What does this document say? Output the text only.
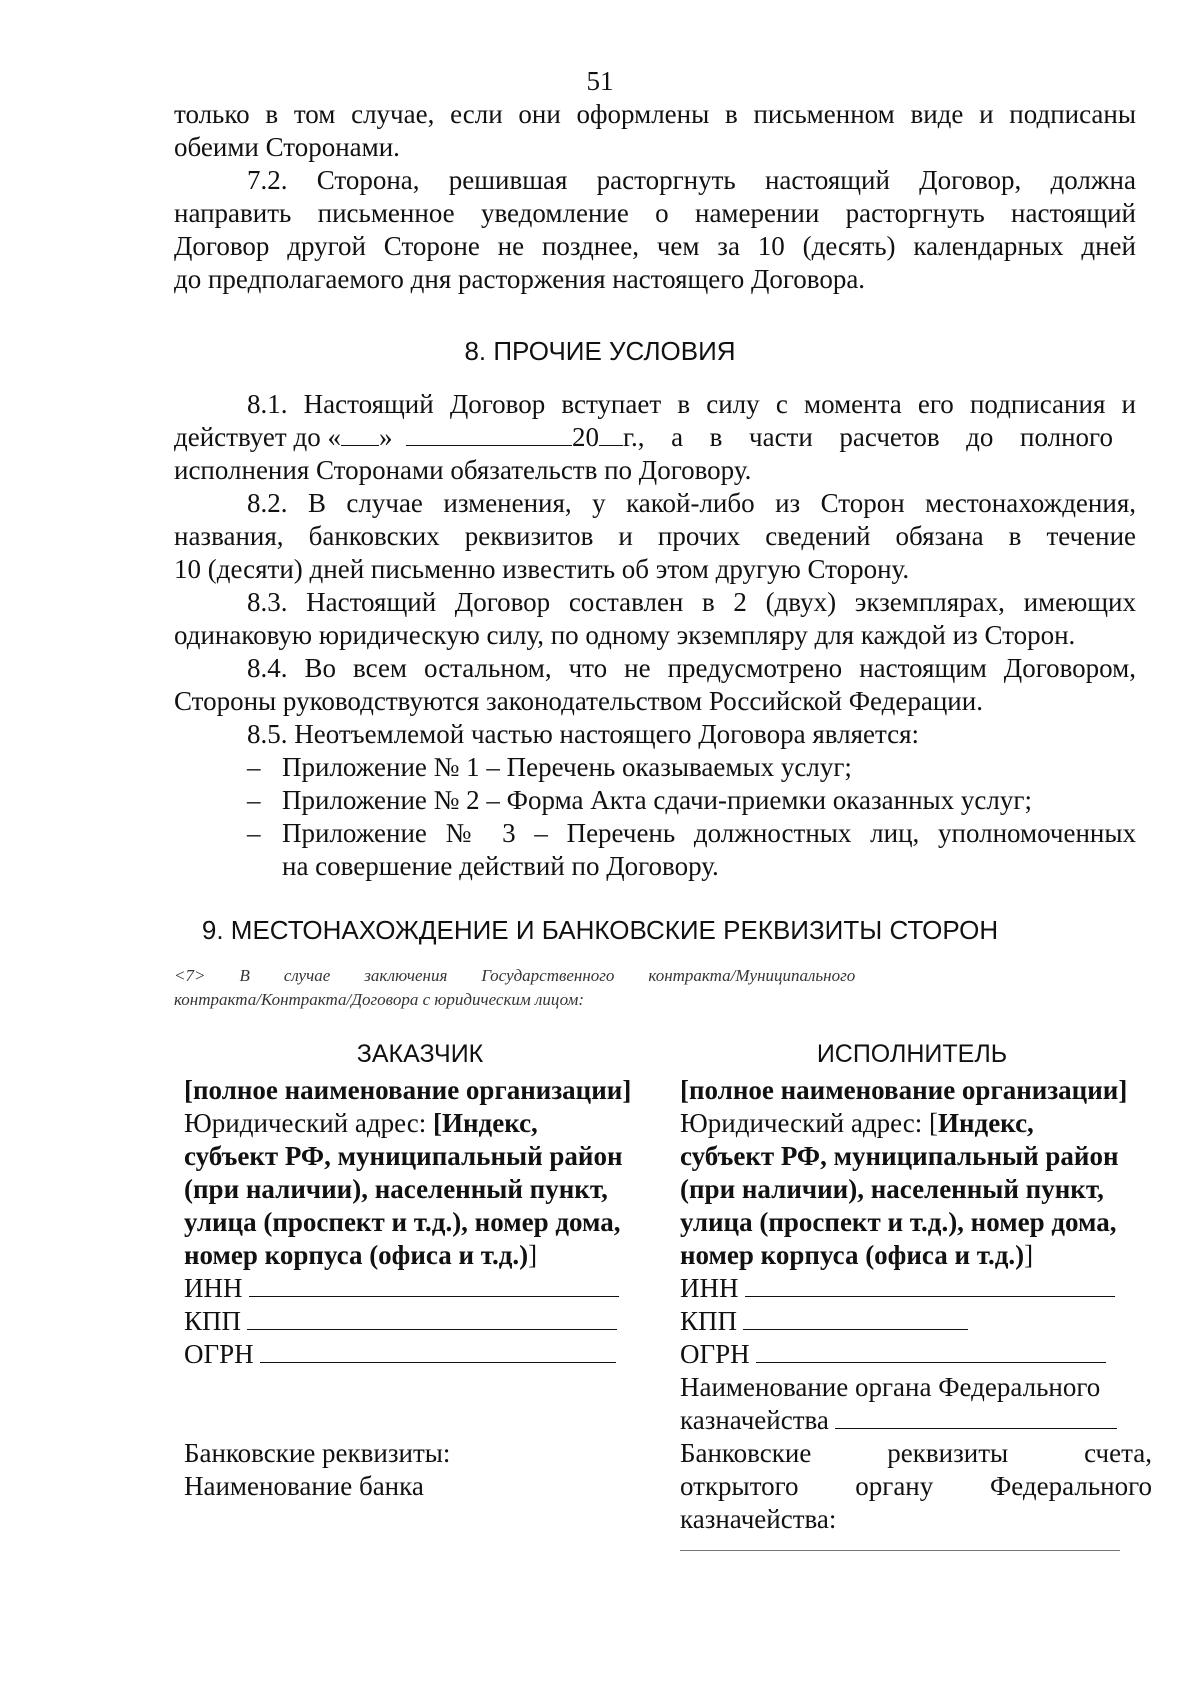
51
только в том случае, если они оформлены в письменном виде и подписаны
обеими Сторонами.
7.2. Сторона, решившая расторгнуть настоящий Договор, должна
направить письменное уведомление о намерении расторгнуть настоящий
Договор другой Стороне не позднее, чем за 10 (десять) календарных дней
до предполагаемого дня расторжения настоящего Договора.
8. ПРОЧИЕ УСЛОВИЯ
8.1. Настоящий Договор вступает в силу с момента его подписания и
действует до « »	20 г., а в части расчетов до полного
исполнения Сторонами обязательств по Договору.
8.2. В случае изменения, у какой-либо из Сторон местонахождения,
названия, банковских реквизитов и прочих сведений обязана в течение
10 (десяти) дней письменно известить об этом другую Сторону.
8.3. Настоящий Договор составлен в 2 (двух) экземплярах, имеющих
одинаковую юридическую силу, по одному экземпляру для каждой из Сторон.
8.4. Во всем остальном, что не предусмотрено настоящим Договором,
Стороны руководствуются законодательством Российской Федерации.
8.5. Неотъемлемой частью настоящего Договора является:
– Приложение № 1 – Перечень оказываемых услуг;
– Приложение № 2 – Форма Акта сдачи-приемки оказанных услуг;
– Приложение № 3 – Перечень должностных лиц, уполномоченных
на совершение действий по Договору.
9. МЕСТОНАХОЖДЕНИЕ И БАНКОВСКИЕ РЕКВИЗИТЫ СТОРОН
<7>        В        случае        заключения        Государственного        контракта/Муниципального
контракта/Контракта/Договора с юридическим лицом:
ЗАКАЗЧИК	ИСПОЛНИТЕЛЬ
[полное наименование организации]
Юридический адрес: [Индекс,
субъект РФ, муниципальный район
(при наличии), населенный пункт,
улица (проспект и т.д.), номер дома,
номер корпуса (офиса и т.д.)]
ИНН
КПП
ОГРН
Банковские реквизиты:
Наименование банка
[полное наименование организации]
Юридический адрес: [Индекс,
субъект РФ, муниципальный район
(при наличии), населенный пункт,
улица (проспект и т.д.), номер дома,
номер корпуса (офиса и т.д.)]
ИНН
КПП
ОГРН
Наименование органа Федерального
казначейства
Банковские реквизиты счета,
открытого органу Федерального
казначейства:
